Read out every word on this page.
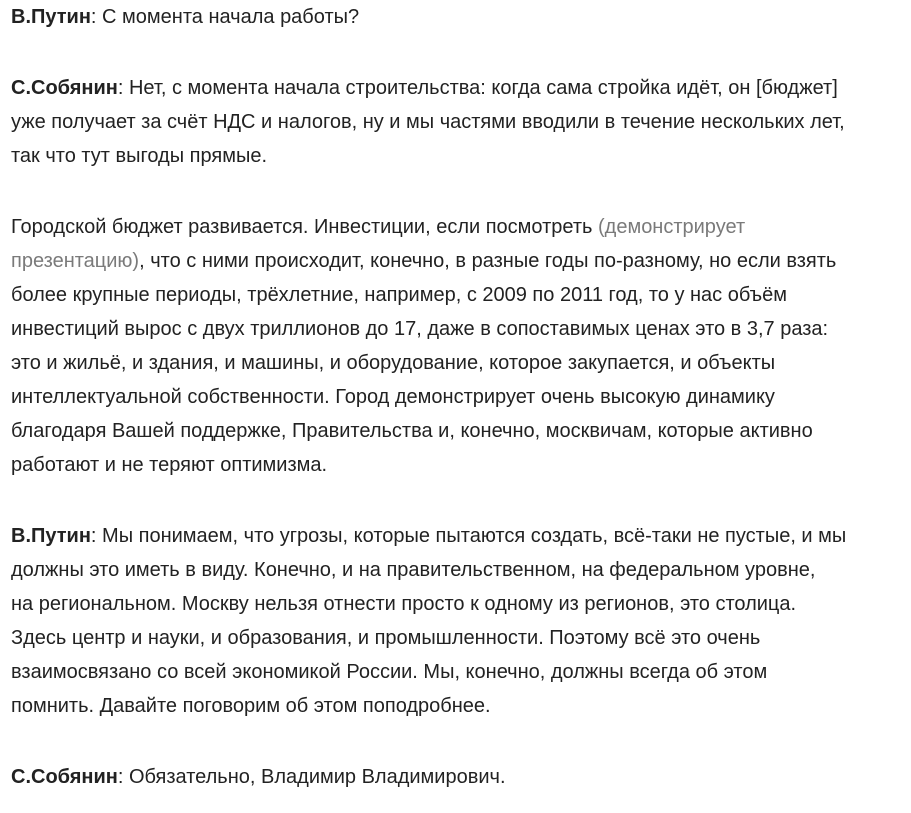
В.Путин: С момента начала работы?

С.Собянин: Нет, с момента начала строительства: когда сама стройка идёт, он [бюджет]
уже получает за счёт НДС и налогов, ну и мы частями вводили в течение нескольких лет,
так что тут выгоды прямые.

Городской бюджет развивается. Инвестиции, если посмотреть (демонстрирует
презентацию), что с ними происходит, конечно, в разные годы по-разному, но если взять
более крупные периоды, трёхлетние, например, с 2009 по 2011 год, то у нас объём
инвестиций вырос с двух триллионов до 17, даже в сопоставимых ценах это в 3,7 раза:
это и жильё, и здания, и машины, и оборудование, которое закупается, и объекты
интеллектуальной собственности. Город демонстрирует очень высокую динамику
благодаря Вашей поддержке, Правительства и, конечно, москвичам, которые активно
работают и не теряют оптимизма.

В.Путин: Мы понимаем, что угрозы, которые пытаются создать, всё-таки не пустые, и мы
должны это иметь в виду. Конечно, и на правительственном, на федеральном уровне,
на региональном. Москву нельзя отнести просто к одному из регионов, это столица.
Здесь центр и науки, и образования, и промышленности. Поэтому всё это очень
взаимосвязано со всей экономикой России. Мы, конечно, должны всегда об этом
помнить. Давайте поговорим об этом поподробнее.

С.Собянин: Обязательно, Владимир Владимирович.
